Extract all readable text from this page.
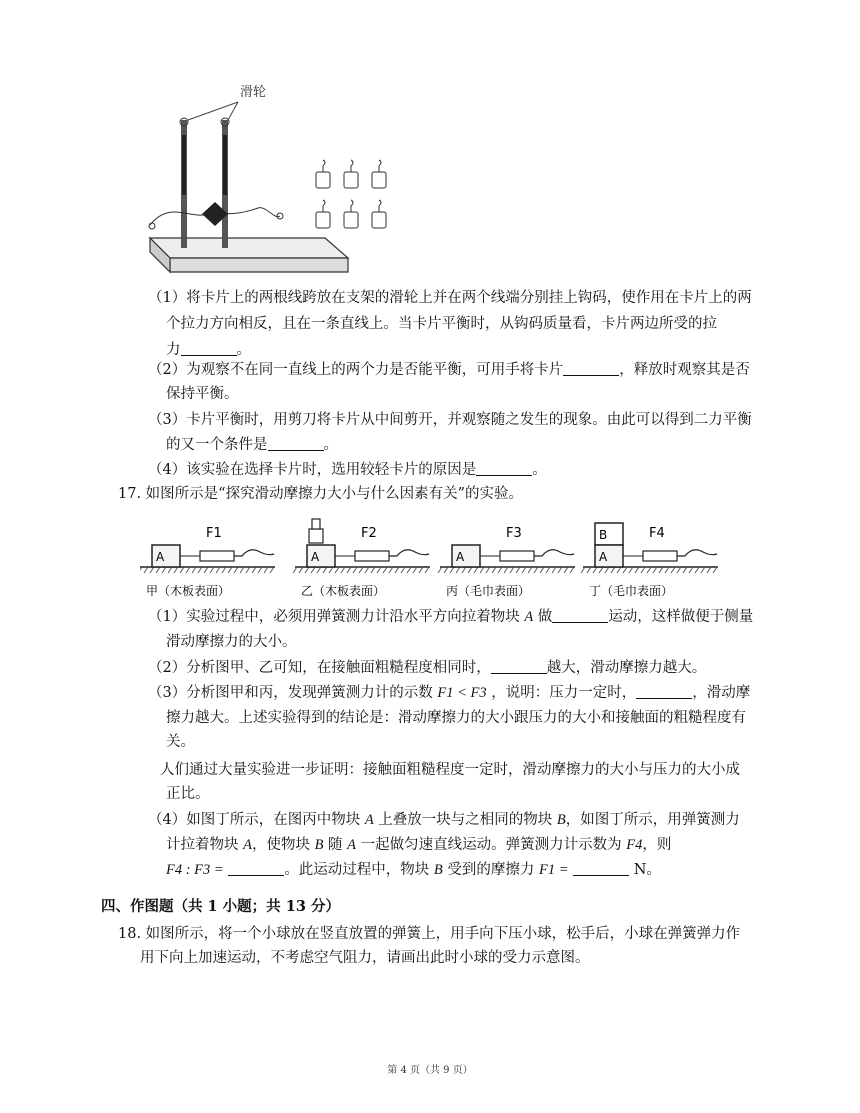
滑轮
（1）将卡片上的两根线跨放在支架的滑轮上并在两个线端分别挂上钩码，使作用在卡片上的两
个拉力方向相反，且在一条直线上。当卡片平衡时，从钩码质量看，卡片两边所受的拉
力	。
（2）为观察不在同一直线上的两个力是否能平衡，可用手将卡片	，释放时观察其是否
保持平衡。
（3）卡片平衡时，用剪刀将卡片从中间剪开，并观察随之发生的现象。由此可以得到二力平衡
的又一个条件是	。
（4）该实验在选择卡片时，选用较轻卡片的原因是	。
17. 如图所示是“探究滑动摩擦力大小与什么因素有关”的实验。
A
F1
甲（木板表面）
A
F2
乙（木板表面）
A
F3
丙（毛巾表面）
B
A
F4
丁（毛巾表面）
（1）实验过程中，必须用弹簧测力计沿水平方向拉着物块 A 做	运动，这样做便于侧量
滑动摩擦力的大小。
（2）分析图甲、乙可知，在接触面粗糙程度相同时，	越大，滑动摩擦力越大。
（3）分析图甲和丙，发现弹簧测力计的示数 F1 < F3 ，说明：压力一定时，	，滑动摩
擦力越大。上述实验得到的结论是：滑动摩擦力的大小跟压力的大小和接触面的粗糙程度有
关。
人们通过大量实验进一步证明：接触面粗糙程度一定时，滑动摩擦力的大小与压力的大小成
正比。
（4）如图丁所示，在图丙中物块 A 上叠放一块与之相同的物块 B，如图丁所示，用弹簧测力
计拉着物块 A，使物块 B 随 A 一起做匀速直线运动。弹簧测力计示数为 F4，则
F4 : F3 =	。此运动过程中，物块 B 受到的摩擦力 F1 =	N。
四、作图题（共 1 小题；共 13 分）
18. 如图所示，将一个小球放在竖直放置的弹簧上，用手向下压小球，松手后，小球在弹簧弹力作
用下向上加速运动，不考虑空气阻力，请画出此时小球的受力示意图。
第 4 页（共 9 页）
